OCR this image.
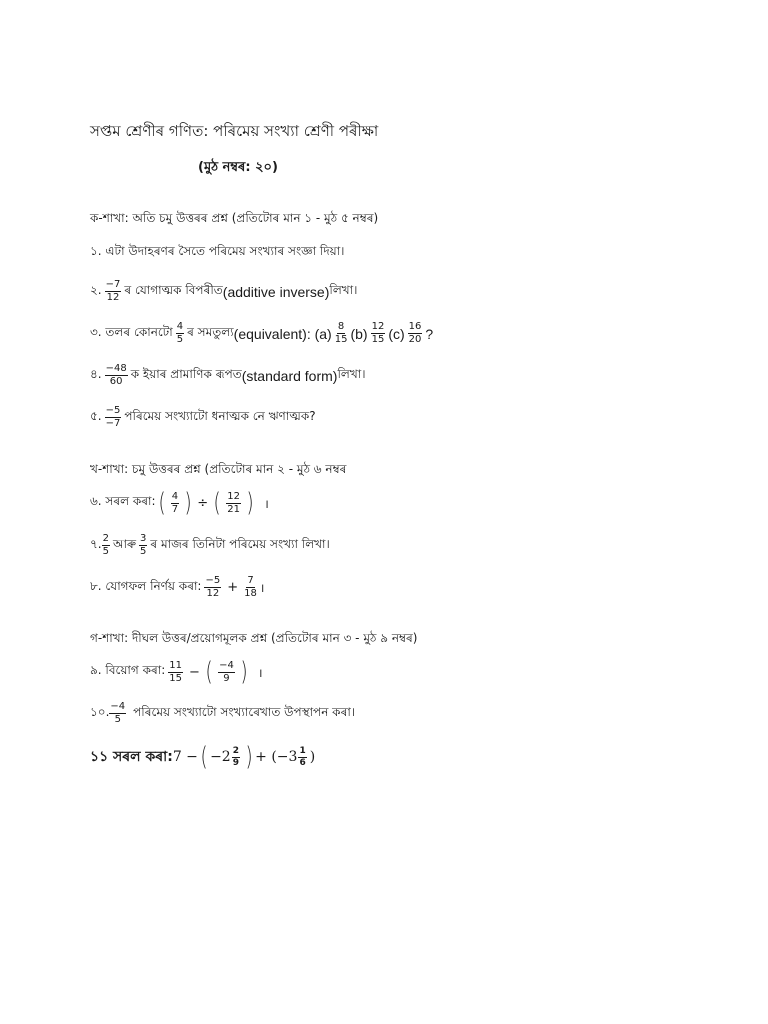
সপ্তম শ্ৰেণীৰ গণিত: পৰিমেয় সংখ্যা শ্ৰেণী পৰীক্ষা
(মুঠ নম্বৰ: ২০)
ক-শাখা: অতি চমু উত্তৰৰ প্ৰশ্ন (প্ৰতিটোৰ মান ১ - মুঠ ৫ নম্বৰ)
১. এটা উদাহৰণৰ সৈতে পৰিমেয় সংখ্যাৰ সংজ্ঞা দিয়া।
২. $\frac{-7}{12}$ ৰ যোগাত্মক বিপৰীত (additive inverse) লিখা।
৩. তলৰ কোনটো $\frac{4}{5}$ ৰ সমতুল্য (equivalent): $(a) \frac{8}{15} (b) \frac{12}{15} (c) \frac{16}{20}$ ?
৪. $\frac{-48}{60}$ ক ইয়াৰ প্ৰামাণিক ৰূপত (standard form) লিখা।
৫. $\frac{-5}{-7}$ পৰিমেয় সংখ্যাটো ধনাত্মক নে ঋণাত্মক?
খ-শাখা: চমু উত্তৰৰ প্ৰশ্ন (প্ৰতিটোৰ মান ২ - মুঠ ৬ নম্বৰ
৬. সৰল কৰা: ( $\frac{4}{7}$ ) ÷ ( $\frac{12}{21}$ ) ।
৭. $\frac{2}{5}$ আৰু $\frac{3}{5}$ ৰ মাজৰ তিনিটা পৰিমেয় সংখ্যা লিখা।
৮. যোগফল নিৰ্ণয় কৰা: $\frac{-5}{12} + \frac{7}{18}$ ।
গ-শাখা: দীঘল উত্তৰ/প্ৰয়োগমূলক প্ৰশ্ন (প্ৰতিটোৰ মান ৩ - মুঠ ৯ নম্বৰ)
৯. বিয়োগ কৰা: $\frac{11}{15}$ − ( $\frac{-4}{9}$ ) ।
১০. $\frac{-4}{5}$ পৰিমেয় সংখ্যাটো সংখ্যাৰেখাত উপস্থাপন কৰা।
১১ সৰল কৰা: 7 − ( $-2 \frac{2}{9}$ ) + ( $-3 \frac{1}{6}$ )
